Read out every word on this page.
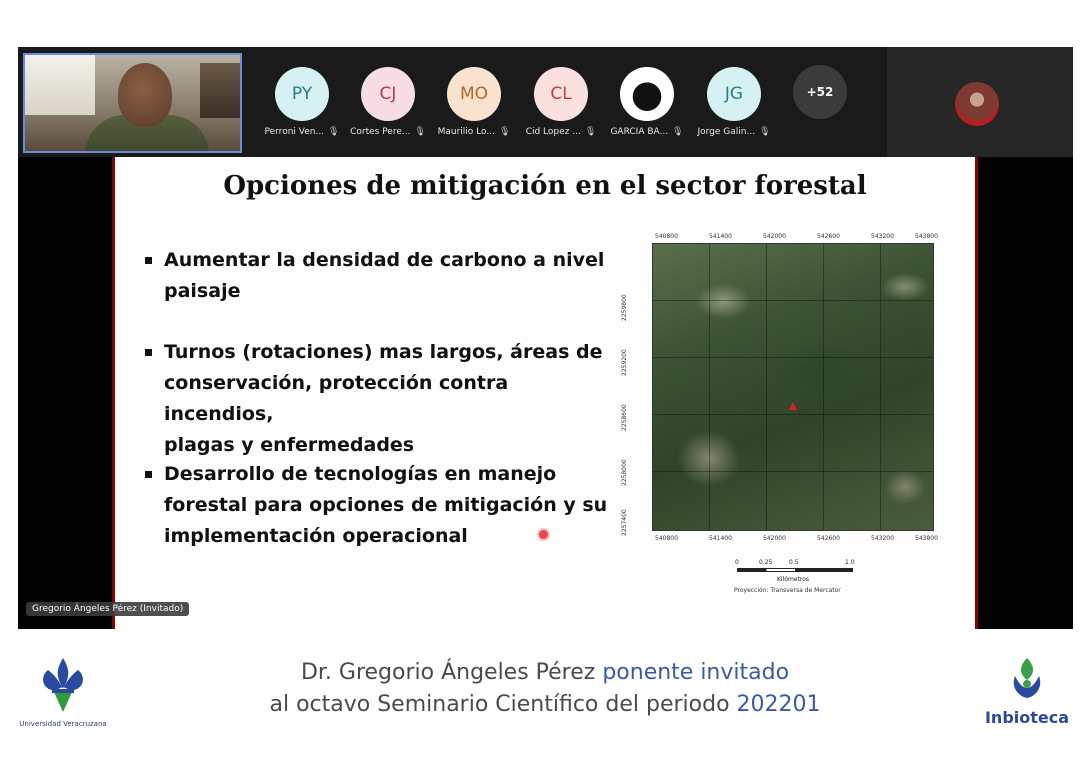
PY
Perroni Ven... 🎙
CJ
Cortes Pere... 🎙
MO
Maurilio Lo... 🎙
CL
Cid Lopez ... 🎙 GARCIA BA... 🎙
JG
Jorge Galin... 🎙
+52
Opciones de mitigación en el sector forestal
Aumentar la densidad de carbono a nivel
paisaje
Turnos (rotaciones) mas largos, áreas de
conservación, protección contra incendios,
plagas y enfermedades
Desarrollo de tecnologías en manejo
forestal para opciones de mitigación y su
implementación operacional
540800	541400	542000	542600	543200	543800
2259800
2259200
2258600
2258000
2257400
540800	541400	542000	542600	543200	543800
0	0.25	0.5	1.0
Kilómetros
Proyección: Transversa de Mercator
Gregorio Ángeles Pérez (Invitado)
Universidad Veracruzana
Dr. Gregorio Ángeles Pérez ponente invitado
al octavo Seminario Científico del periodo 202201
Inbioteca
